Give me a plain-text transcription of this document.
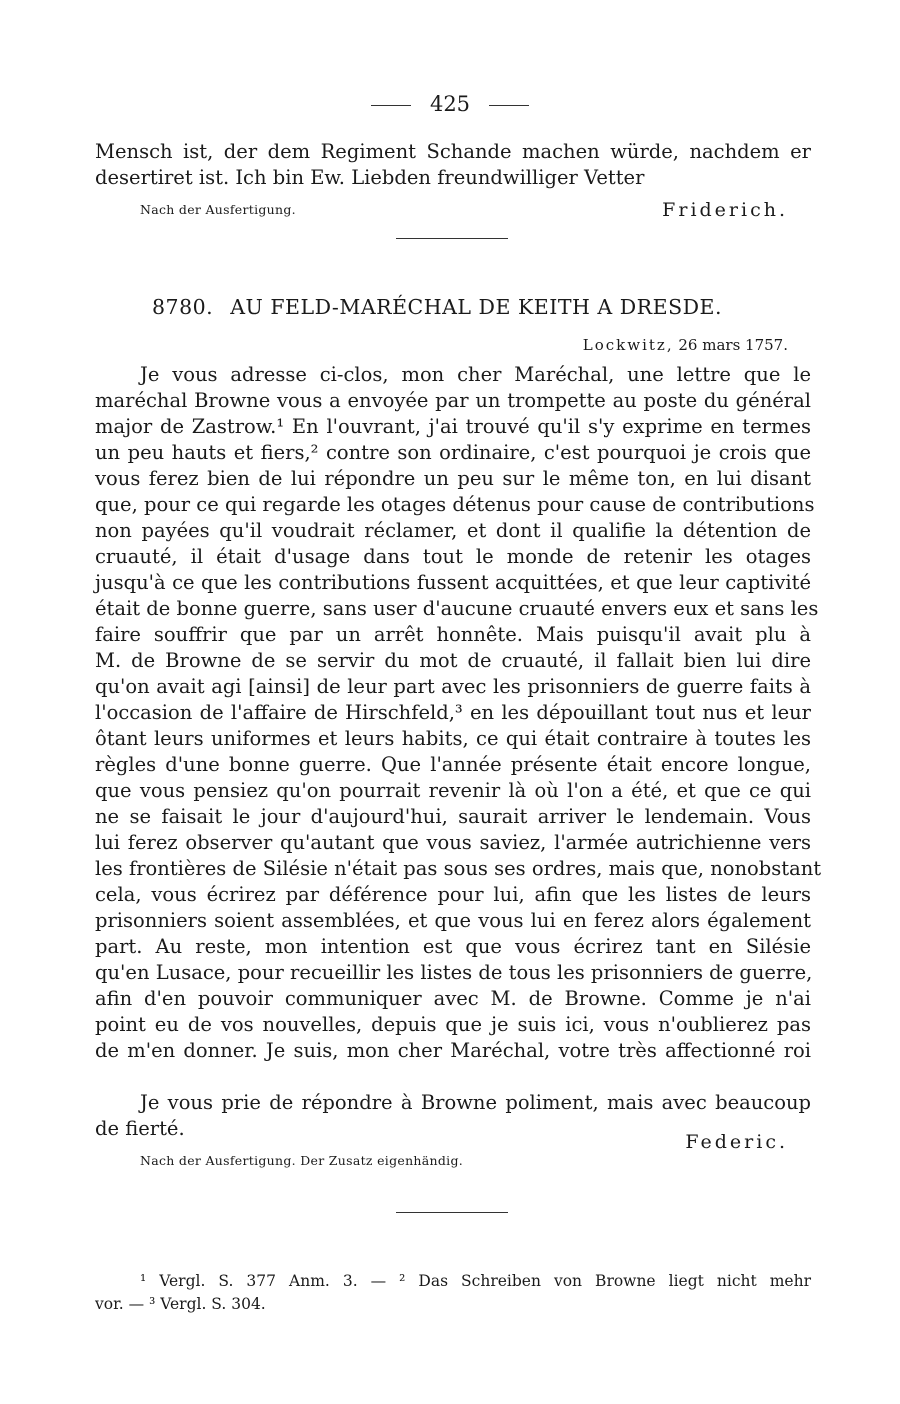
425
Mensch ist, der dem Regiment Schande machen würde, nachdem er
desertiret ist. Ich bin Ew. Liebden freundwilliger Vetter
Nach der Ausfertigung.	Friderich.
8780. AU FELD-MARÉCHAL DE KEITH A DRESDE.
Lockwitz, 26 mars 1757.
Je vous adresse ci-clos, mon cher Maréchal, une lettre que le
maréchal Browne vous a envoyée par un trompette au poste du général
major de Zastrow.¹ En l'ouvrant, j'ai trouvé qu'il s'y exprime en termes
un peu hauts et fiers,² contre son ordinaire, c'est pourquoi je crois que
vous ferez bien de lui répondre un peu sur le même ton, en lui disant
que, pour ce qui regarde les otages détenus pour cause de contributions
non payées qu'il voudrait réclamer, et dont il qualifie la détention de
cruauté, il était d'usage dans tout le monde de retenir les otages
jusqu'à ce que les contributions fussent acquittées, et que leur captivité
était de bonne guerre, sans user d'aucune cruauté envers eux et sans les
faire souffrir que par un arrêt honnête. Mais puisqu'il avait plu à
M. de Browne de se servir du mot de cruauté, il fallait bien lui dire
qu'on avait agi [ainsi] de leur part avec les prisonniers de guerre faits à
l'occasion de l'affaire de Hirschfeld,³ en les dépouillant tout nus et leur
ôtant leurs uniformes et leurs habits, ce qui était contraire à toutes les
règles d'une bonne guerre. Que l'année présente était encore longue,
que vous pensiez qu'on pourrait revenir là où l'on a été, et que ce qui
ne se faisait le jour d'aujourd'hui, saurait arriver le lendemain. Vous
lui ferez observer qu'autant que vous saviez, l'armée autrichienne vers
les frontières de Silésie n'était pas sous ses ordres, mais que, nonobstant
cela, vous écrirez par déférence pour lui, afin que les listes de leurs
prisonniers soient assemblées, et que vous lui en ferez alors également
part. Au reste, mon intention est que vous écrirez tant en Silésie
qu'en Lusace, pour recueillir les listes de tous les prisonniers de guerre,
afin d'en pouvoir communiquer avec M. de Browne. Comme je n'ai
point eu de vos nouvelles, depuis que je suis ici, vous n'oublierez pas
de m'en donner. Je suis, mon cher Maréchal, votre très affectionné roi
Je vous prie de répondre à Browne poliment, mais avec beaucoup
de fierté.
Federic.
Nach der Ausfertigung. Der Zusatz eigenhändig.
¹ Vergl. S. 377 Anm. 3. — ² Das Schreiben von Browne liegt nicht mehr
vor. — ³ Vergl. S. 304.
